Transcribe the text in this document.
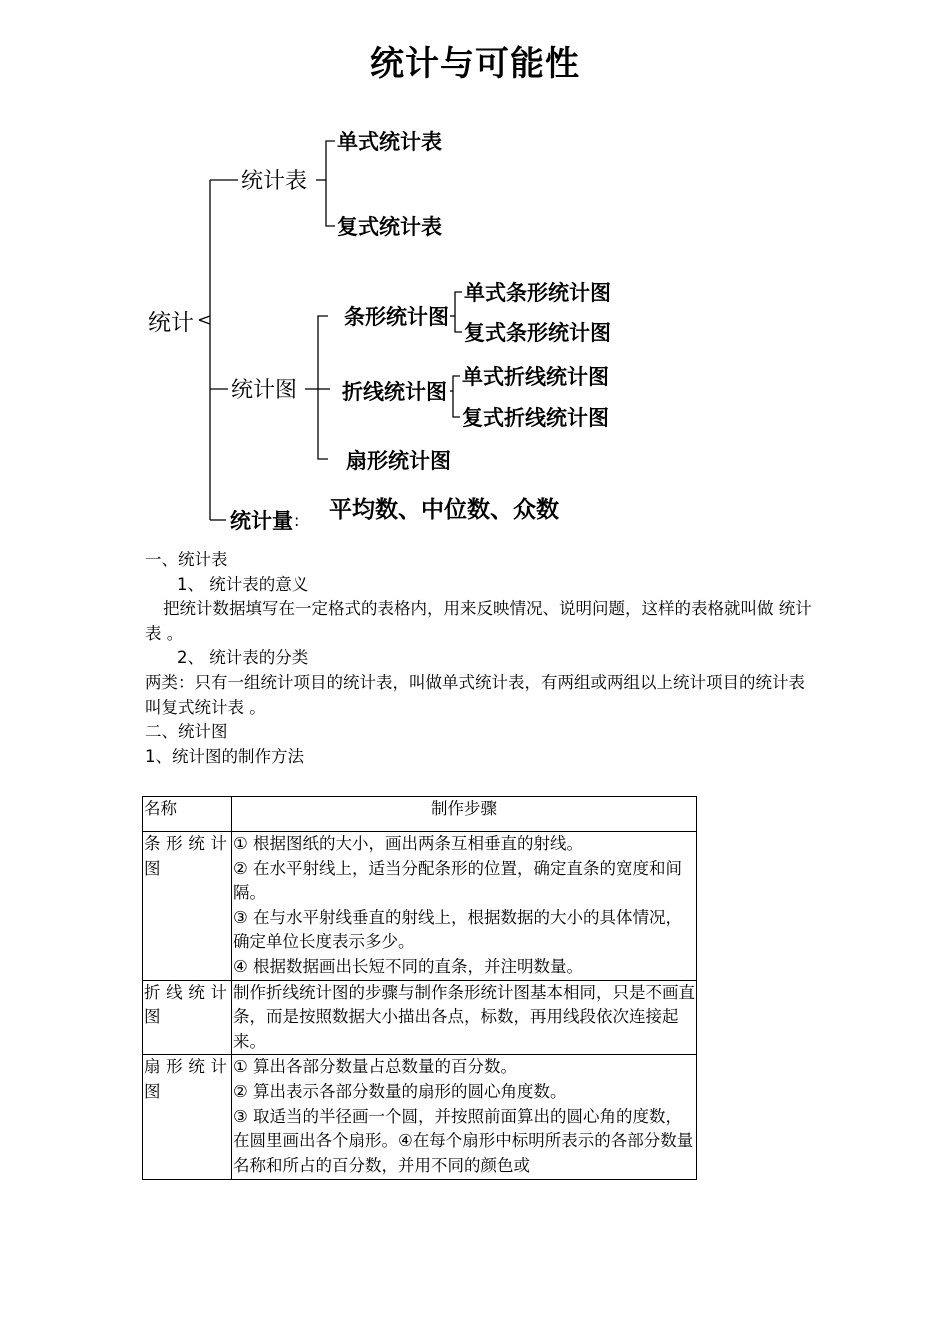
统计与可能性
统计
统计表
单式统计表
复式统计表
统计图
条形统计图
单式条形统计图
复式条形统计图
折线统计图
单式折线统计图
复式折线统计图
扇形统计图
统计量 : 平均数、中位数、众数
一、统计表
1、 统计表的意义
把统计数据填写在一定格式的表格内，用来反映情况、说明问题，这样的表格就叫做 统计表 。
2、 统计表的分类
两类：只有一组统计项目的统计表，叫做单式统计表，有两组或两组以上统计项目的统计表叫复式统计表 。
二、统计图
1、统计图的制作方法
名称	制作步骤
条形统计图	① 根据图纸的大小，画出两条互相垂直的射线。
② 在水平射线上，适当分配条形的位置，确定直条的宽度和间隔。
③ 在与水平射线垂直的射线上，根据数据的大小的具体情况，确定单位长度表示多少。
④ 根据数据画出长短不同的直条，并注明数量。

折线统计图	制作折线统计图的步骤与制作条形统计图基本相同，只是不画直条，而是按照数据大小描出各点，标数，再用线段依次连接起来。

扇形统计图	① 算出各部分数量占总数量的百分数。
② 算出表示各部分数量的扇形的圆心角度数。
③ 取适当的半径画一个圆，并按照前面算出的圆心角的度数，在圆里画出各个扇形。④在每个扇形中标明所表示的各部分数量名称和所占的百分数，并用不同的颜色或
